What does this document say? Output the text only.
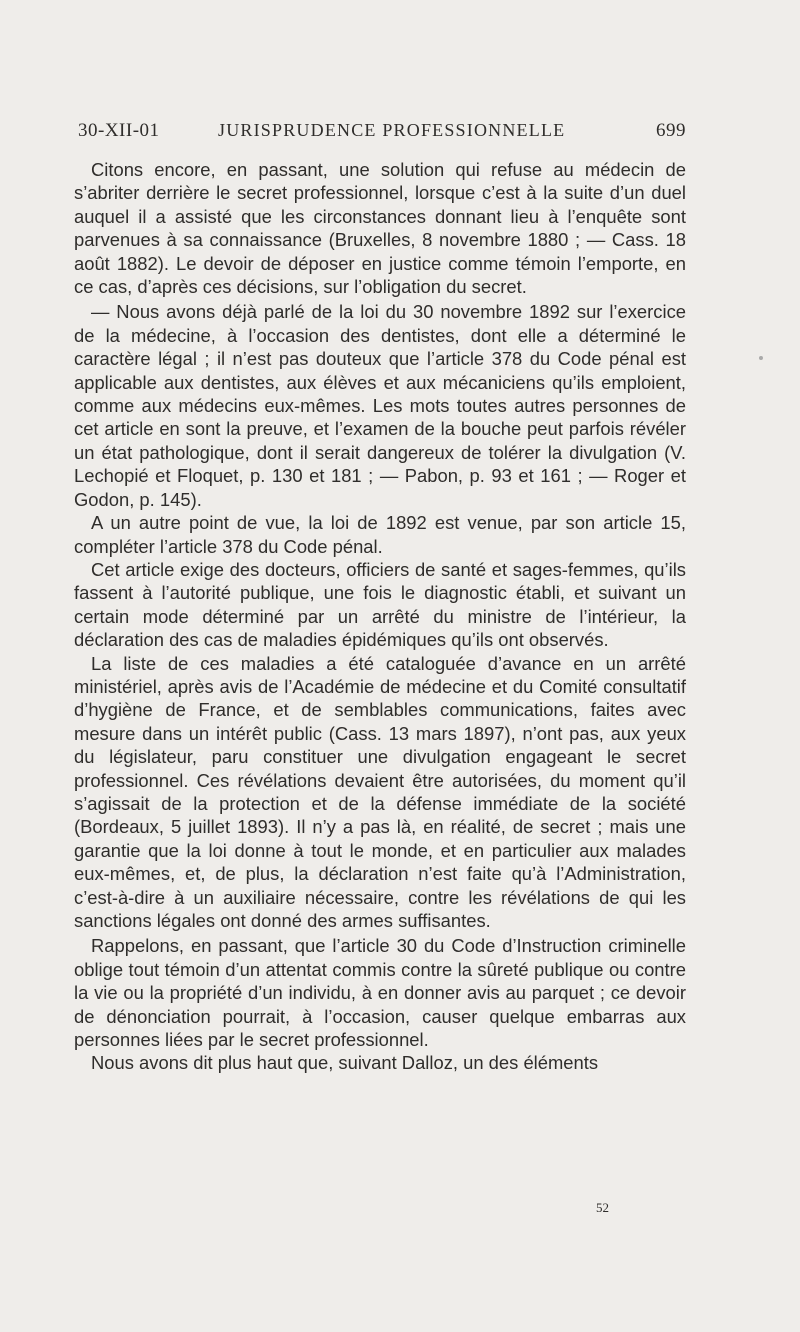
30-XII-01	JURISPRUDENCE PROFESSIONNELLE	699

Citons encore, en passant, une solution qui refuse au médecin de s’abriter derrière le secret professionnel, lorsque c’est à la suite d’un duel auquel il a assisté que les circonstances donnant lieu à l’enquête sont parvenues à sa connaissance (Bruxelles, 8 novembre 1880 ; — Cass. 18 août 1882). Le devoir de déposer en justice comme témoin l’emporte, en ce cas, d’après ces décisions, sur l’obligation du secret.

— Nous avons déjà parlé de la loi du 30 novembre 1892 sur l’exercice de la médecine, à l’occasion des dentistes, dont elle a déterminé le caractère légal ; il n’est pas douteux que l’article 378 du Code pénal est applicable aux dentistes, aux élèves et aux mécaniciens qu’ils emploient, comme aux médecins eux-mêmes. Les mots toutes autres personnes de cet article en sont la preuve, et l’examen de la bouche peut parfois révéler un état pathologique, dont il serait dangereux de tolérer la divulgation (V. Lechopié et Floquet, p. 130 et 181 ; — Pabon, p. 93 et 161 ; — Roger et Godon, p. 145).

A un autre point de vue, la loi de 1892 est venue, par son article 15, compléter l’article 378 du Code pénal.

Cet article exige des docteurs, officiers de santé et sages-femmes, qu’ils fassent à l’autorité publique, une fois le diagnostic établi, et suivant un certain mode déterminé par un arrêté du ministre de l’intérieur, la déclaration des cas de maladies épidémiques qu’ils ont observés.

La liste de ces maladies a été cataloguée d’avance en un arrêté ministériel, après avis de l’Académie de médecine et du Comité consultatif d’hygiène de France, et de semblables communications, faites avec mesure dans un intérêt public (Cass. 13 mars 1897), n’ont pas, aux yeux du législateur, paru constituer une divulgation engageant le secret professionnel. Ces révélations devaient être autorisées, du moment qu’il s’agissait de la protection et de la défense immédiate de la société (Bordeaux, 5 juillet 1893). Il n’y a pas là, en réalité, de secret ; mais une garantie que la loi donne à tout le monde, et en particulier aux malades eux-mêmes, et, de plus, la déclaration n’est faite qu’à l’Administration, c’est-à-dire à un auxiliaire nécessaire, contre les révélations de qui les sanctions légales ont donné des armes suffisantes.

Rappelons, en passant, que l’article 30 du Code d’Instruction criminelle oblige tout témoin d’un attentat commis contre la sûreté publique ou contre la vie ou la propriété d’un individu, à en donner avis au parquet ; ce devoir de dénonciation pourrait, à l’occasion, causer quelque embarras aux personnes liées par le secret professionnel.

Nous avons dit plus haut que, suivant Dalloz, un des éléments

52
